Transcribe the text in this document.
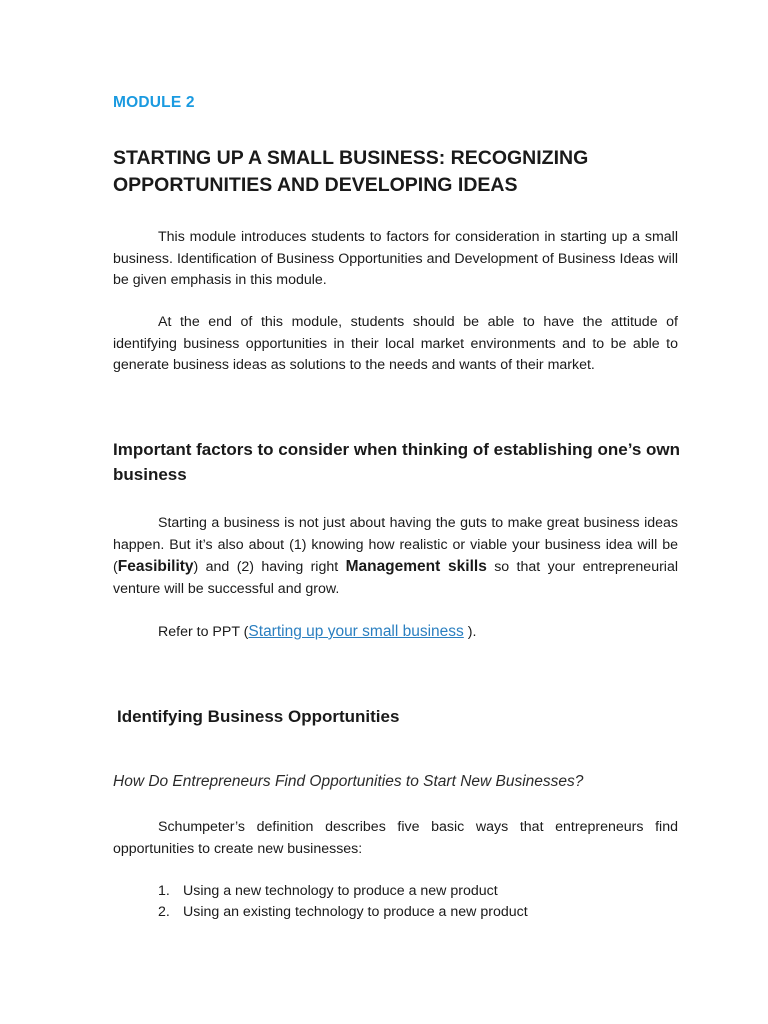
MODULE 2
STARTING UP A SMALL BUSINESS: RECOGNIZING
OPPORTUNITIES AND DEVELOPING IDEAS

This module introduces students to factors for consideration in starting up a small business. Identification of Business Opportunities and Development of Business Ideas will be given emphasis in this module.

At the end of this module, students should be able to have the attitude of identifying business opportunities in their local market environments and to be able to generate business ideas as solutions to the needs and wants of their market.

Important factors to consider when thinking of establishing one’s own business

Starting a business is not just about having the guts to make great business ideas happen. But it’s also about (1) knowing how realistic or viable your business idea will be (Feasibility) and (2) having right Management skills so that your entrepreneurial venture will be successful and grow.

Refer to PPT (Starting up your small business ).

Identifying Business Opportunities
How Do Entrepreneurs Find Opportunities to Start New Businesses?

Schumpeter’s definition describes five basic ways that entrepreneurs find opportunities to create new businesses:

1. Using a new technology to produce a new product
2. Using an existing technology to produce a new product
